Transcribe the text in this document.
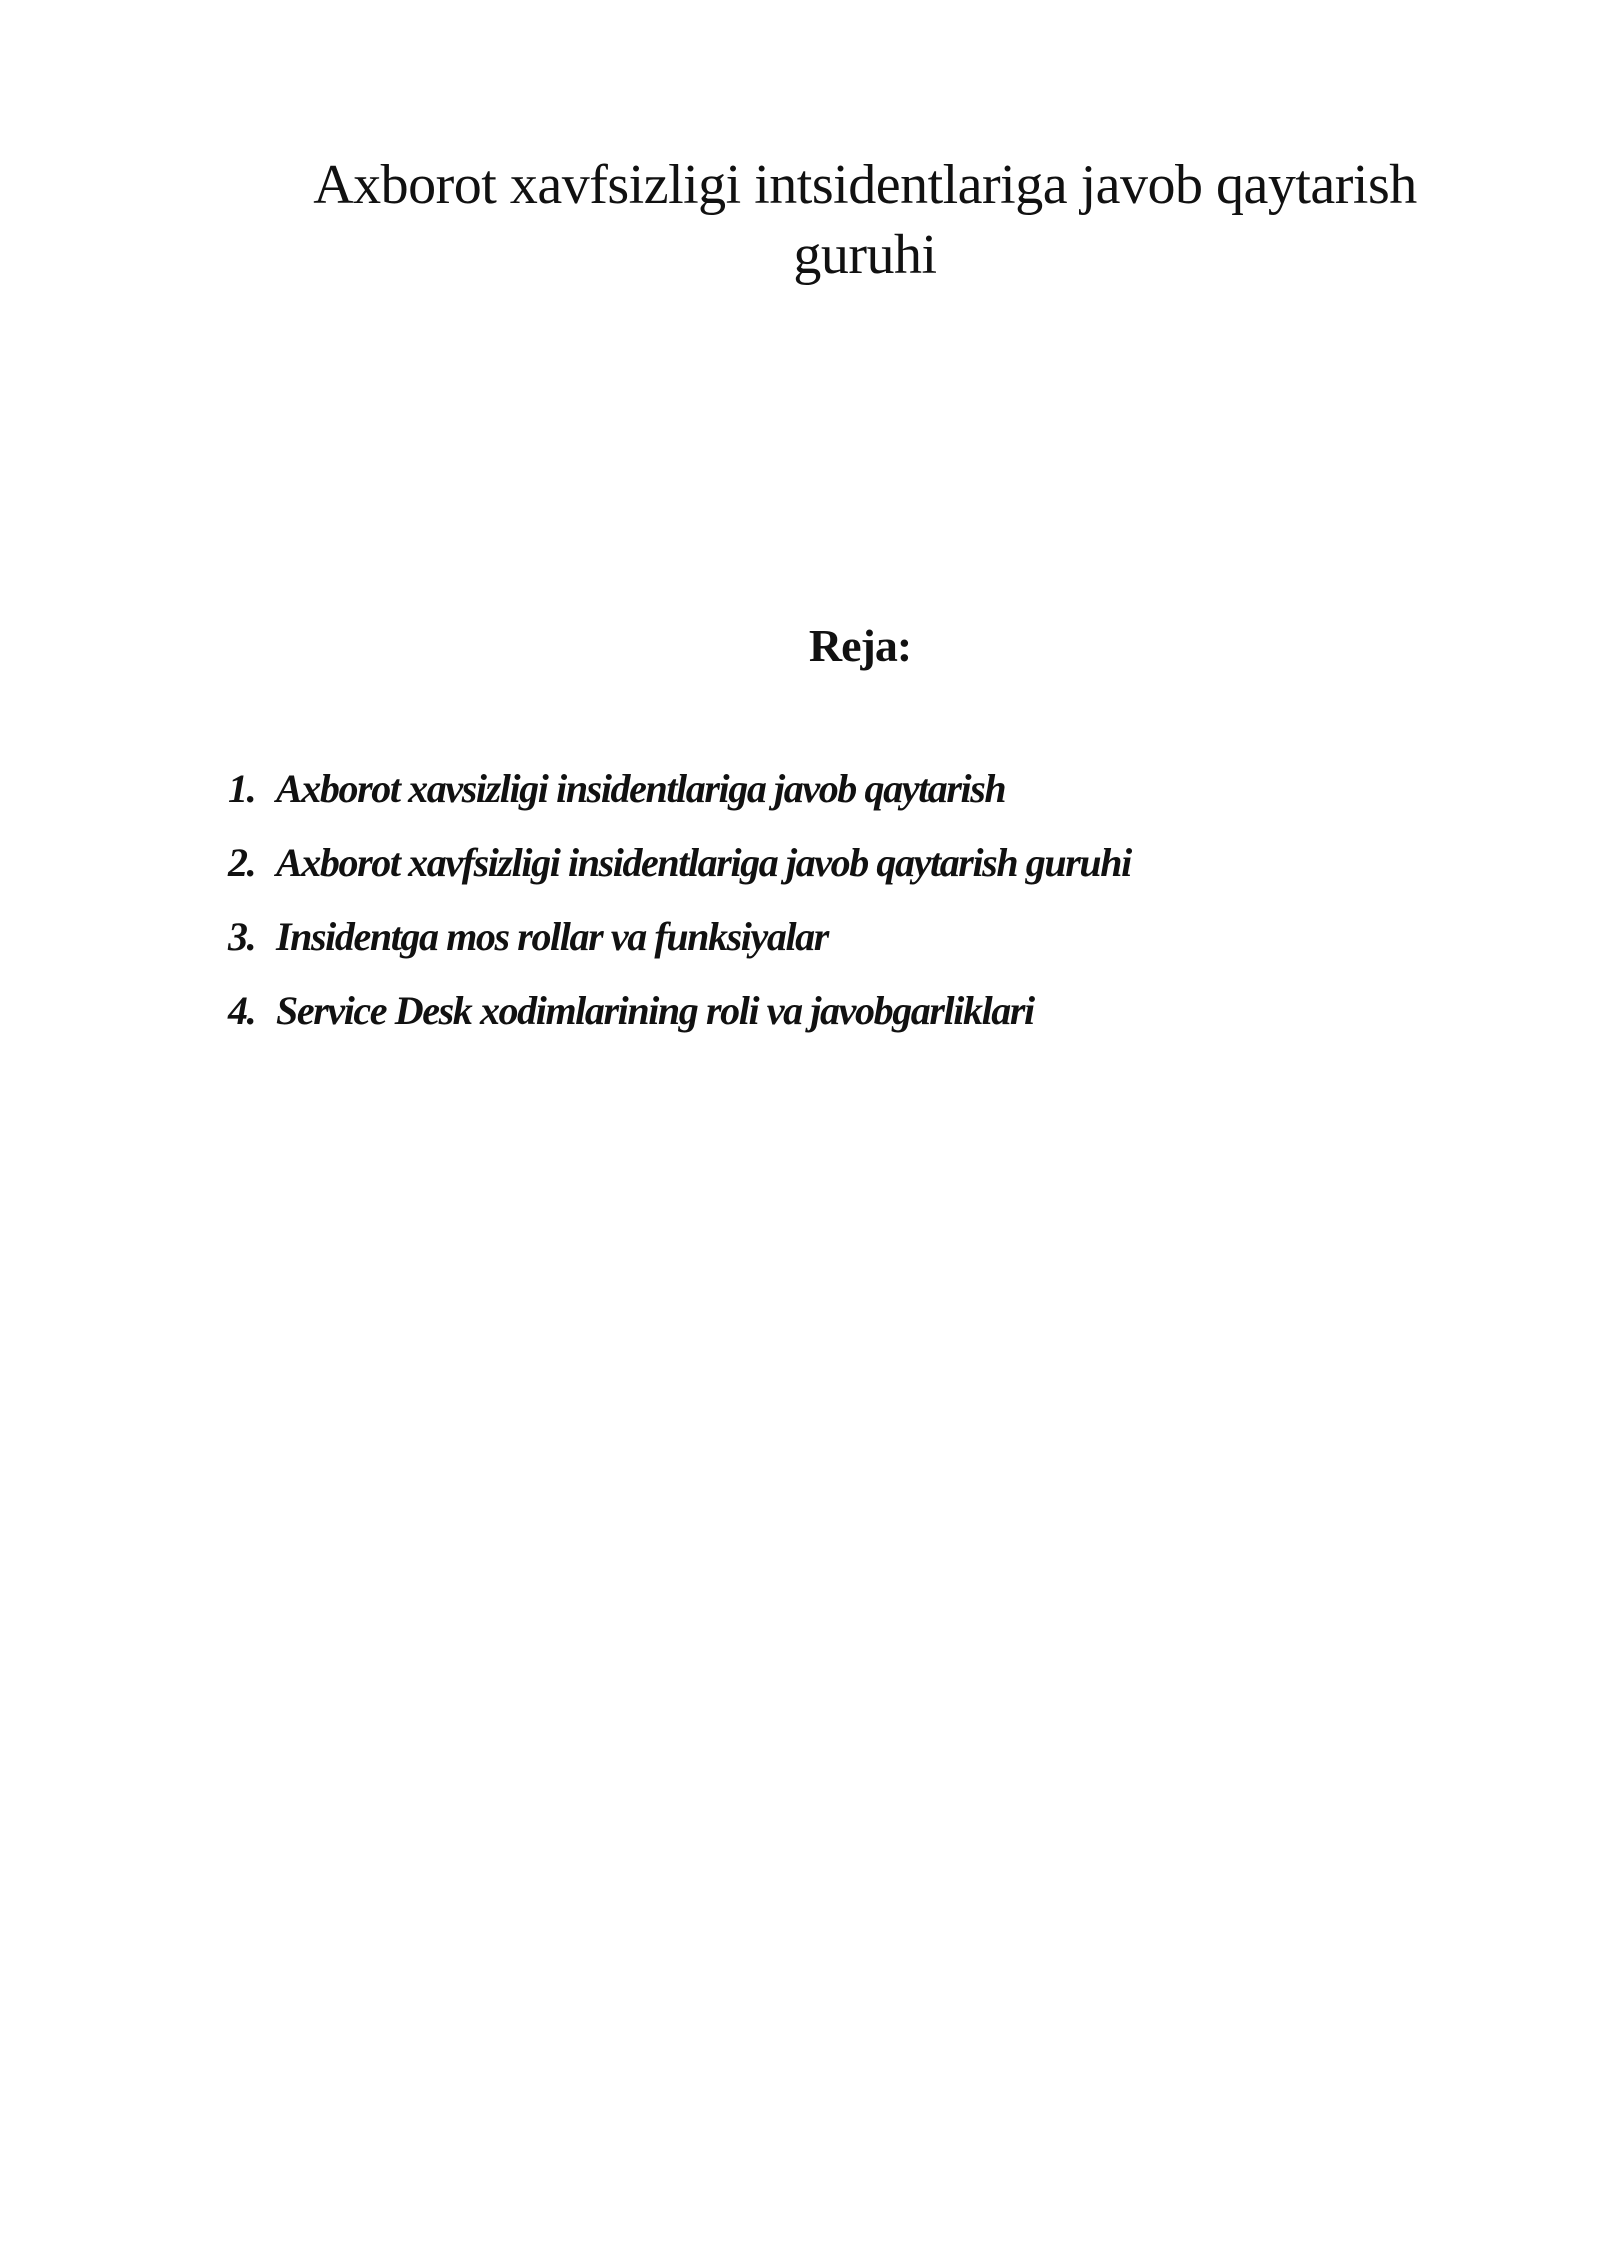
Axborot xavfsizligi intsidentlariga javob qaytarish guruhi
Reja:
1. Axborot xavsizligi insidentlariga javob qaytarish
2. Axborot xavfsizligi insidentlariga javob qaytarish guruhi
3. Insidentga mos rollar va funksiyalar
4. Service Desk xodimlarining roli va javobgarliklari
